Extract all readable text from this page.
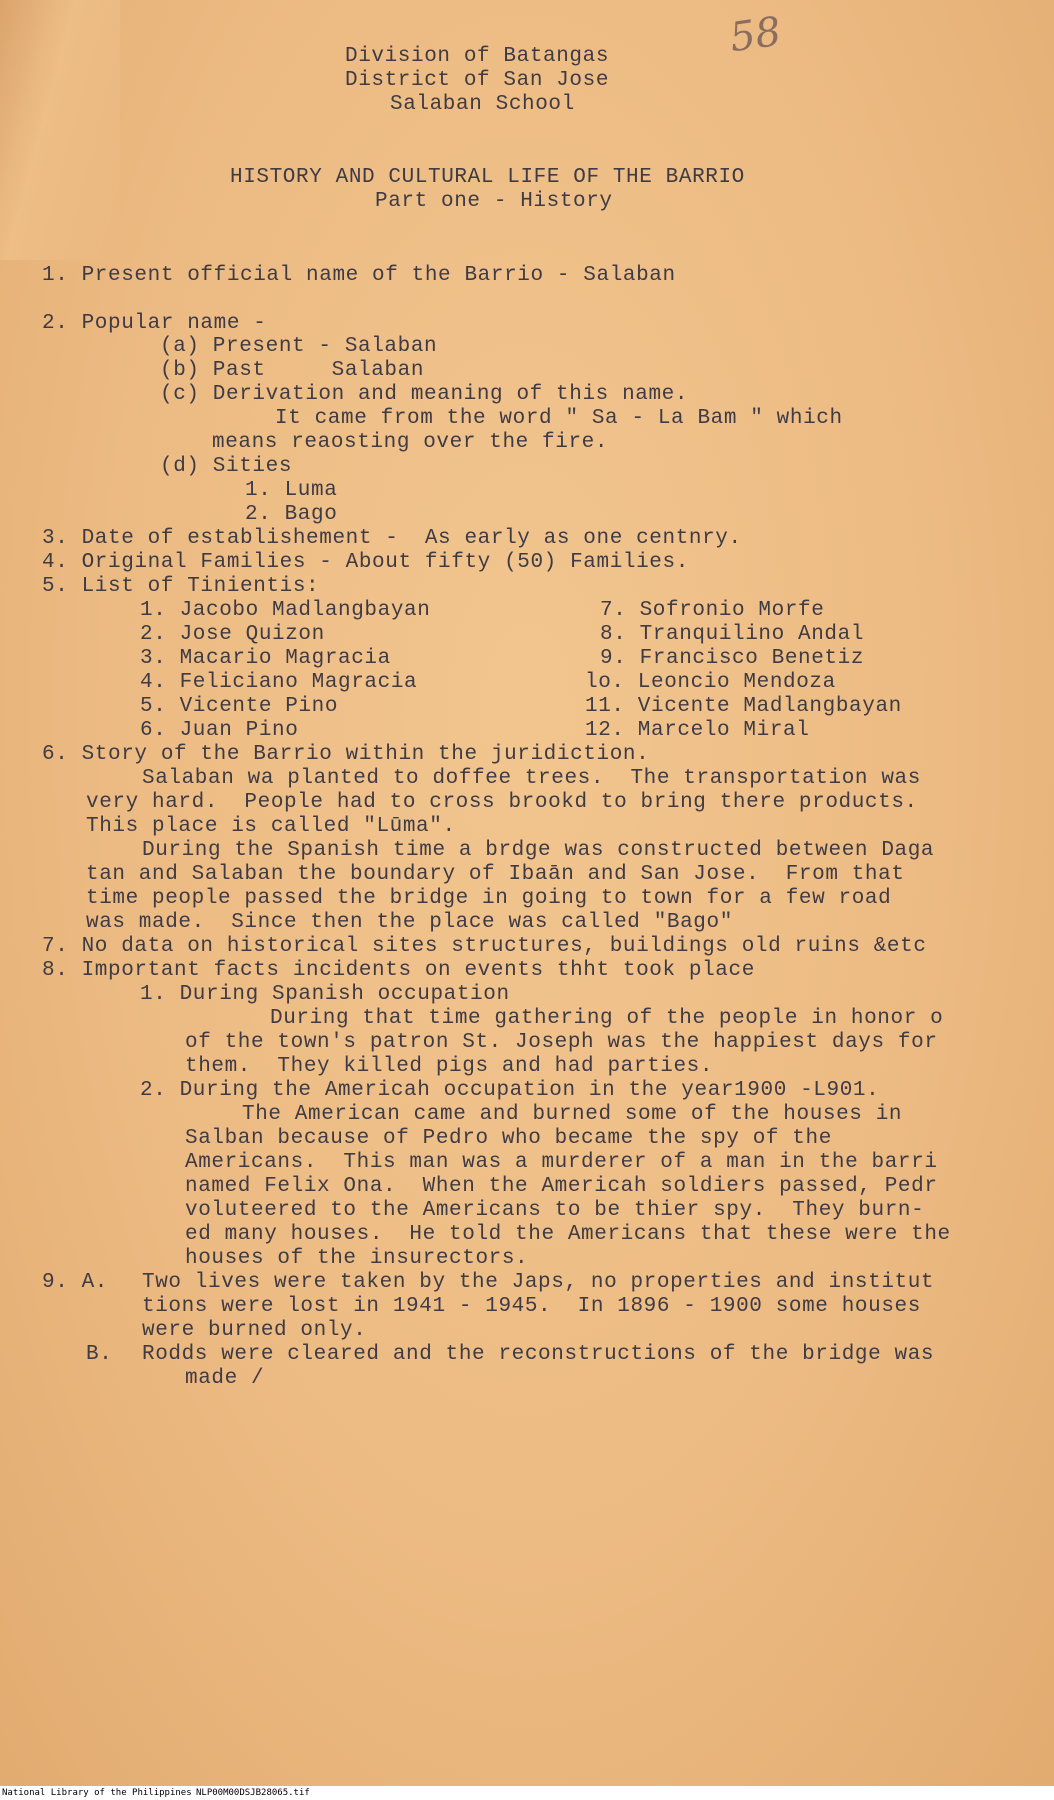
58
Division of Batangas
District of San Jose
Salaban School
HISTORY AND CULTURAL LIFE OF THE BARRIO
Part one - History
1. Present official name of the Barrio - Salaban
2. Popular name -
(a) Present - Salaban
(b) Past     Salaban
(c) Derivation and meaning of this name.
It came from the word " Sa - La Bam " which
means reaosting over the fire.
(d) Sities
1. Luma
2. Bago
3. Date of establishement -  As early as one centnry.
4. Original Families - About fifty (50) Families.
5. List of Tinientis:
1. Jacobo Madlangbayan
2. Jose Quizon
3. Macario Magracia
4. Feliciano Magracia
5. Vicente Pino
6. Juan Pino
7. Sofronio Morfe
8. Tranquilino Andal
9. Francisco Benetiz
lo. Leoncio Mendoza
11. Vicente Madlangbayan
12. Marcelo Miral
6. Story of the Barrio within the juridiction.
Salaban wa planted to doffee trees.  The transportation was
very hard.  People had to cross brookd to bring there products.
This place is called "Lūma".
During the Spanish time a brdge was constructed between Daga
tan and Salaban the boundary of Ibaān and San Jose.  From that
time people passed the bridge in going to town for a few road
was made.  Since then the place was called "Bago"
7. No data on historical sites structures, buildings old ruins &etc
8. Important facts incidents on events thht took place
1. During Spanish occupation
During that time gathering of the people in honor o
of the town's patron St. Joseph was the happiest days for
them.  They killed pigs and had parties.
2. During the Americah occupation in the year1900 -L901.
The American came and burned some of the houses in
Salban because of Pedro who became the spy of the
Americans.  This man was a murderer of a man in the barri
named Felix Ona.  When the Americah soldiers passed, Pedr
voluteered to the Americans to be thier spy.  They burn-
ed many houses.  He told the Americans that these were the
houses of the insurectors.
9. A. Two lives were taken by the Japs, no properties and institut
tions were lost in 1941 - 1945.  In 1896 - 1900 some houses
were burned only.
B. Rodds were cleared and the reconstructions of the bridge was
made /
National Library of the Philippines NLP00M00DSJB28065.tif
